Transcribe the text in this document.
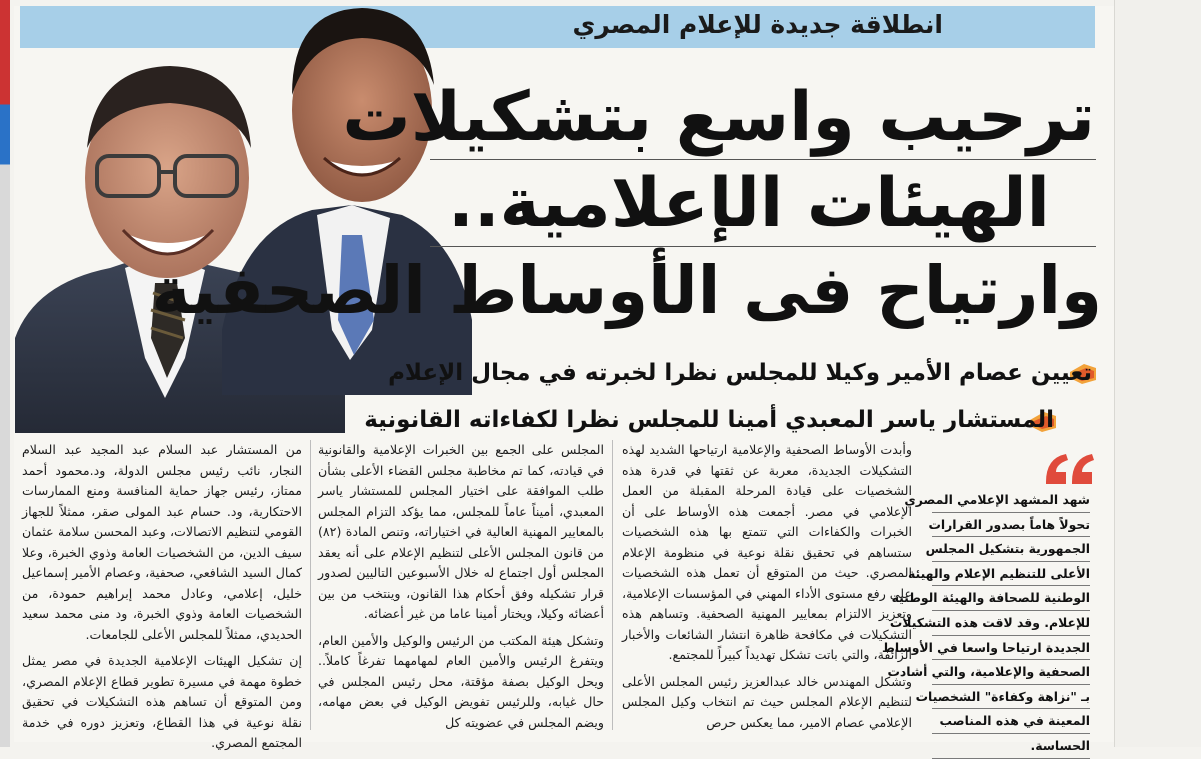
انطلاقة جديدة للإعلام المصري
ترحيب واسع بتشكيلات
الهيئات الإعلامية..
وارتياح فى الأوساط الصحفية
تعيين عصام الأمير وكيلا للمجلس نظرا لخبرته في مجال الإعلام
المستشار ياسر المعبدي أمينا للمجلس نظرا لكفاءاته القانونية

وأبدت الأوساط الصحفية والإعلامية ارتياحها الشديد لهذه التشكيلات الجديدة، معربة عن ثقتها في قدرة هذه الشخصيات على قيادة المرحلة المقبلة من العمل الإعلامي في مصر. أجمعت هذه الأوساط على أن الخبرات والكفاءات التي تتمتع بها هذه الشخصيات ستساهم في تحقيق نقلة نوعية في منظومة الإعلام المصري. حيث من المتوقع أن تعمل هذه الشخصيات على رفع مستوى الأداء المهني في المؤسسات الإعلامية، وتعزيز الالتزام بمعايير المهنية الصحفية. وتساهم هذه التشكيلات في مكافحة ظاهرة انتشار الشائعات والأخبار الزائفة، والتي باتت تشكل تهديداً كبيراً للمجتمع.

وتشكل المهندس خالد عبدالعزيز رئيس المجلس الأعلى لتنظيم الإعلام المجلس حيث تم انتخاب وكيل المجلس الإعلامي عصام الامير، مما يعكس حرص

المجلس على الجمع بين الخبرات الإعلامية والقانونية في قيادته، كما تم مخاطبة مجلس القضاء الأعلى بشأن طلب الموافقة على اختيار المجلس للمستشار ياسر المعبدي، أميناً عاماً للمجلس، مما يؤكد التزام المجلس بالمعايير المهنية العالية في اختياراته، وتنص المادة (٨٢) من قانون المجلس الأعلى لتنظيم الإعلام على أنه يعقد المجلس أول اجتماع له خلال الأسبوعين التاليين لصدور قرار تشكيله وفق أحكام هذا القانون، وينتخب من بين أعضائه وكيلا، ويختار أمينا عاما من غير أعضائه.

وتشكل هيئة المكتب من الرئيس والوكيل والأمين العام، ويتفرغ الرئيس والأمين العام لمهامهما تفرغاً كاملاً.. ويحل الوكيل بصفة مؤقتة، محل رئيس المجلس في حال غيابه، وللرئيس تفويض الوكيل في بعض مهامه، ويضم المجلس في عضويته كل

من المستشار عبد السلام عبد المجيد عبد السلام النجار، نائب رئيس مجلس الدولة، ود.محمود أحمد ممتاز، رئيس جهاز حماية المنافسة ومنع الممارسات الاحتكارية، ود. حسام عبد المولى صقر، ممثلاً للجهاز القومي لتنظيم الاتصالات، وعبد المحسن سلامة عثمان سيف الدين، من الشخصيات العامة وذوي الخبرة، وعلا كمال السيد الشافعي، صحفية، وعصام الأمير إسماعيل خليل، إعلامي، وعادل محمد إبراهيم حمودة، من الشخصيات العامة وذوي الخبرة، ود منى محمد سعيد الحديدي، ممثلاً للمجلس الأعلى للجامعات.

إن تشكيل الهيئات الإعلامية الجديدة في مصر يمثل خطوة مهمة في مسيرة تطوير قطاع الإعلام المصري، ومن المتوقع أن تساهم هذه التشكيلات في تحقيق نقلة نوعية في هذا القطاع، وتعزيز دوره في خدمة المجتمع المصري.

شهد المشهد الإعلامي المصري
تحولاً هاماً بصدور القرارات
الجمهورية بتشكيل المجلس
الأعلى للتنظيم الإعلام والهيئة
الوطنية للصحافة والهيئة الوطنية
للإعلام. وقد لاقت هذه التشكيلات
الجديدة ارتياحا واسعا في الأوساط
الصحفية والإعلامية، والتي أشادت
بـ "نزاهة وكفاءة" الشخصيات
المعينة في هذه المناصب
الحساسة.
